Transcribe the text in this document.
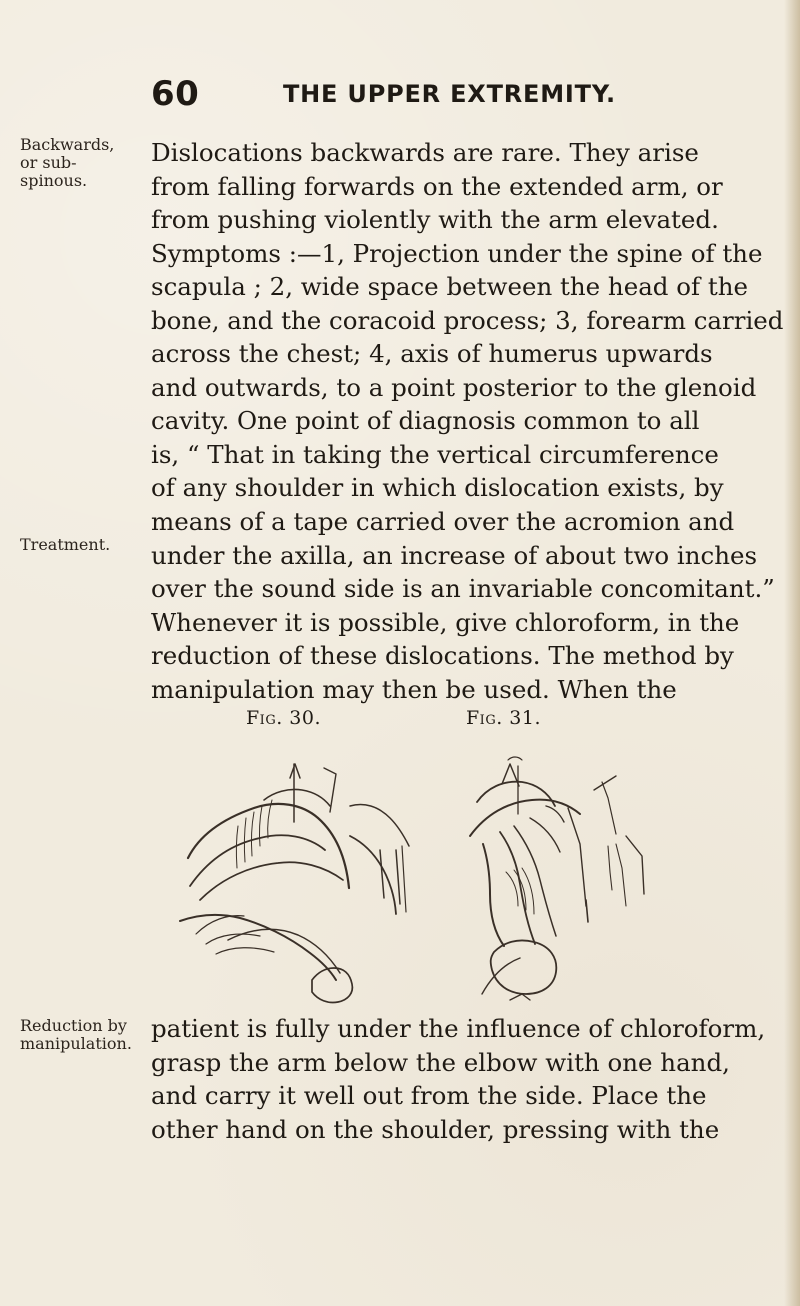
60	THE UPPER EXTREMITY.
Backwards, or sub-spinous.
Treatment.
Reduction by manipulation.
Dislocations backwards are rare. They arise
from falling forwards on the extended arm, or
from pushing violently with the arm elevated.
Symptoms :—1, Projection under the spine of the
scapula ; 2, wide space between the head of the
bone, and the coracoid process; 3, forearm carried
across the chest; 4, axis of humerus upwards
and outwards, to a point posterior to the glenoid
cavity. One point of diagnosis common to all
is, “ That in taking the vertical circumference
of any shoulder in which dislocation exists, by
means of a tape carried over the acromion and
under the axilla, an increase of about two inches
over the sound side is an invariable concomitant.”
Whenever it is possible, give chloroform, in the
reduction of these dislocations. The method by
manipulation may then be used. When the
Fig. 30.	Fig. 31.
patient is fully under the influence of chloroform,
grasp the arm below the elbow with one hand,
and carry it well out from the side. Place the
other hand on the shoulder, pressing with the
